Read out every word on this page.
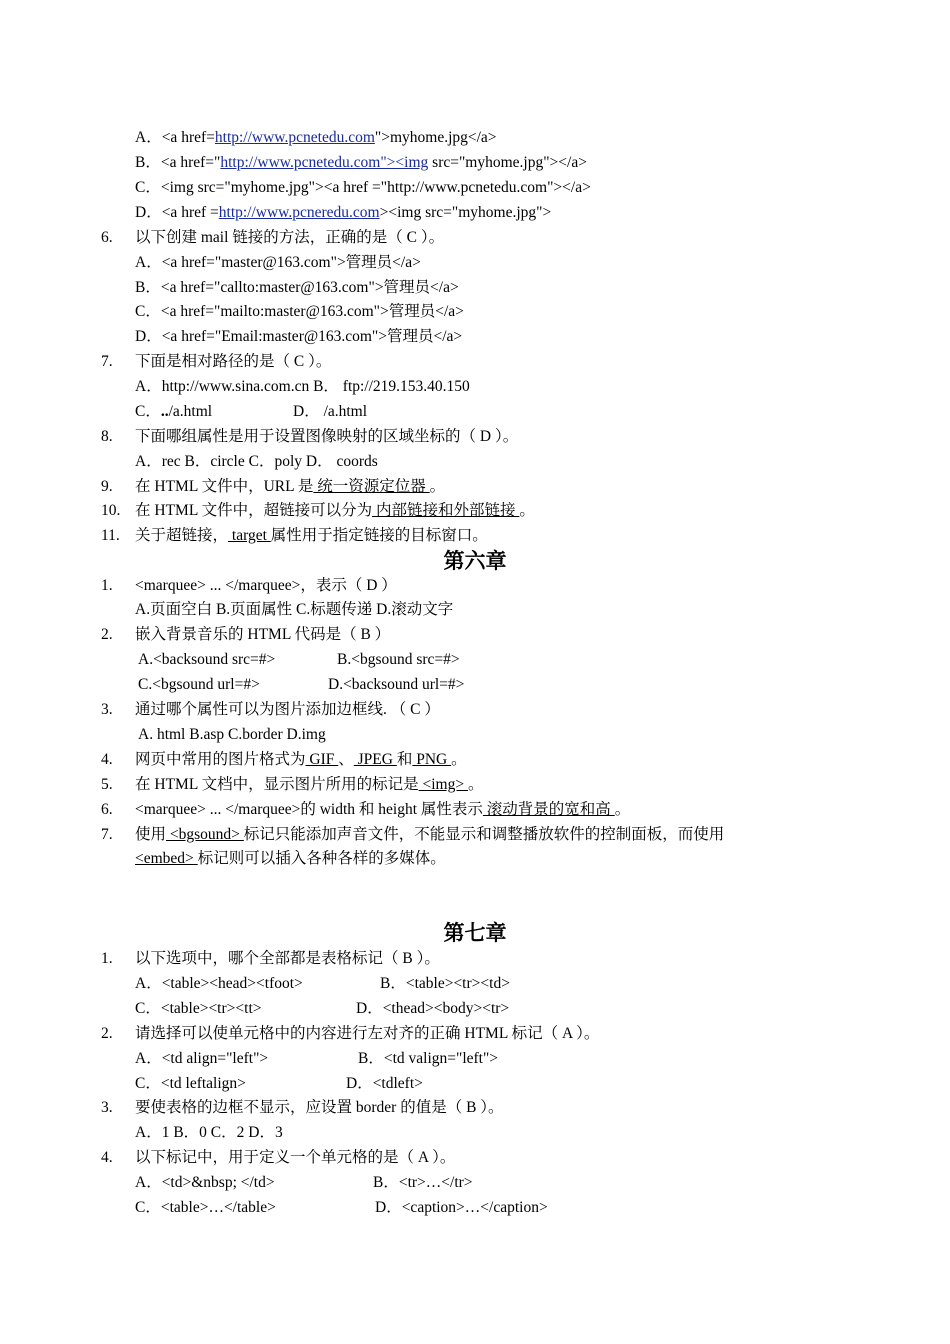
A．<a href=http://www.pcnetedu.com">myhome.jpg</a>
B．<a href="http://www.pcnetedu.com"><img src="myhome.jpg"></a>
C．<img src="myhome.jpg"><a href ="http://www.pcnetedu.com"></a>
D．<a href =http://www.pcneredu.com><img src="myhome.jpg">
6. 以下创建 mail 链接的方法，正确的是（ C ）。
A．<a href="master@163.com">管理员</a>
B．<a href="callto:master@163.com">管理员</a>
C．<a href="mailto:master@163.com">管理员</a>
D．<a href="Email:master@163.com">管理员</a>
7. 下面是相对路径的是（ C ）。
A．http://www.sina.com.cn B． ftp://219.153.40.150
C．../a.html	D． /a.html
8. 下面哪组属性是用于设置图像映射的区域坐标的（ D ）。
A．rec B．circle C．poly D． coords
9. 在 HTML 文件中，URL 是 统一资源定位器 。
10. 在 HTML 文件中，超链接可以分为 内部链接和外部链接 。
11. 关于超链接， target 属性用于指定链接的目标窗口。
第六章
1. <marquee> ... </marquee>，表示（ D ）
A.页面空白 B.页面属性 C.标题传递 D.滚动文字
2. 嵌入背景音乐的 HTML 代码是（ B ）
A.<backsound src=#>	B.<bgsound src=#>
C.<bgsound url=#>	D.<backsound url=#>
3. 通过哪个属性可以为图片添加边框线. （ C ）
A. html B.asp C.border D.img
4. 网页中常用的图片格式为 GIF 、 JPEG 和 PNG 。
5. 在 HTML 文档中，显示图片所用的标记是 <img> 。
6. <marquee> ... </marquee>的 width 和 height 属性表示 滚动背景的宽和高 。
7. 使用 <bgsound> 标记只能添加声音文件，不能显示和调整播放软件的控制面板，而使用
<embed> 标记则可以插入各种各样的多媒体。
第七章
1. 以下选项中，哪个全部都是表格标记（ B ）。
A．<table><head><tfoot>	B．<table><tr><td>
C．<table><tr><tt>	D．<thead><body><tr>
2. 请选择可以使单元格中的内容进行左对齐的正确 HTML 标记（ A ）。
A．<td align="left">	B．<td valign="left">
C．<td leftalign>	D．<tdleft>
3. 要使表格的边框不显示，应设置 border 的值是（ B ）。
A．1 B．0 C．2 D．3
4. 以下标记中，用于定义一个单元格的是（ A ）。
A．<td>&nbsp; </td>	B．<tr>…</tr>
C．<table>…</table>	D．<caption>…</caption>
